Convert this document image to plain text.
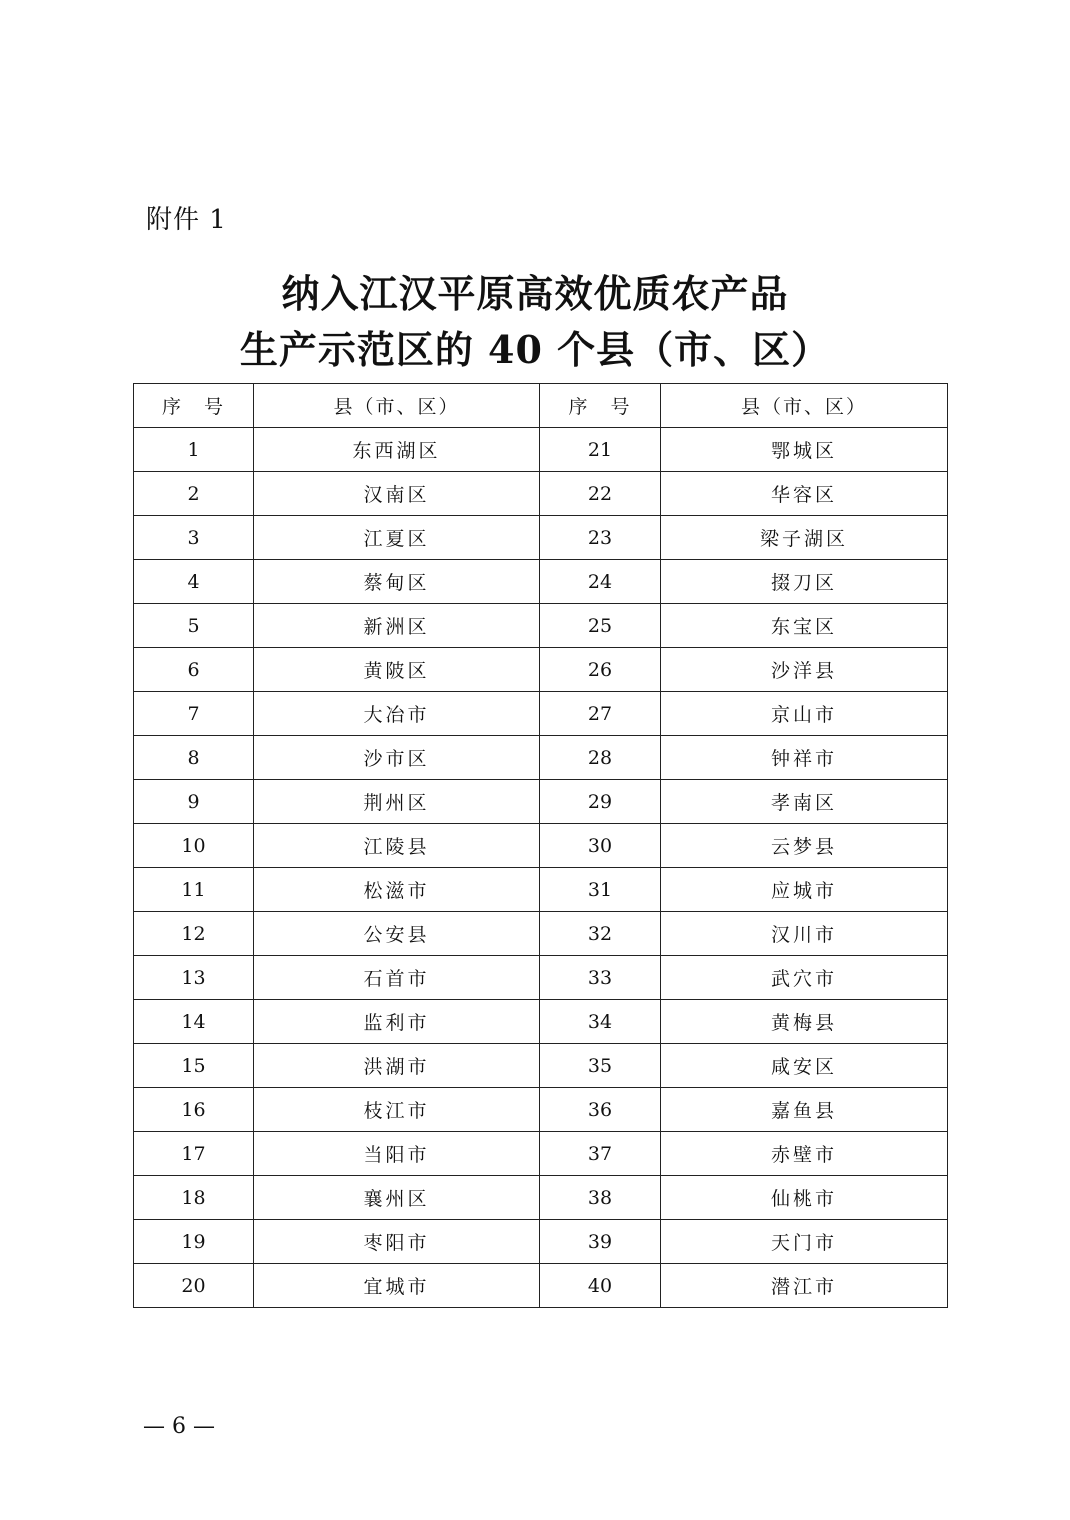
附件 1
纳入江汉平原高效优质农产品
生产示范区的 40 个县（市、区）
序　号	县（市、区）	序　号	县（市、区）
1	东西湖区	21	鄂城区
2	汉南区	22	华容区
3	江夏区	23	梁子湖区
4	蔡甸区	24	掇刀区
5	新洲区	25	东宝区
6	黄陂区	26	沙洋县
7	大冶市	27	京山市
8	沙市区	28	钟祥市
9	荆州区	29	孝南区
10	江陵县	30	云梦县
11	松滋市	31	应城市
12	公安县	32	汉川市
13	石首市	33	武穴市
14	监利市	34	黄梅县
15	洪湖市	35	咸安区
16	枝江市	36	嘉鱼县
17	当阳市	37	赤壁市
18	襄州区	38	仙桃市
19	枣阳市	39	天门市
20	宜城市	40	潜江市
— 6 —
